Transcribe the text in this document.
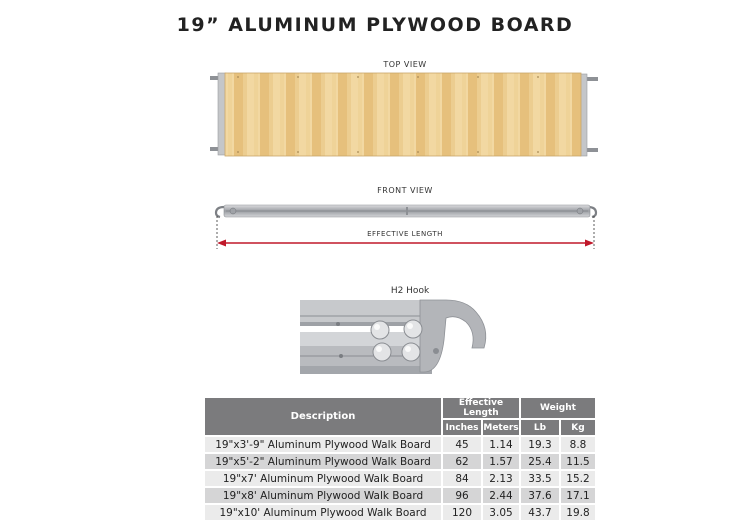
19” ALUMINUM PLYWOOD BOARD
TOP VIEW
FRONT VIEW
EFFECTIVE LENGTH
H2 Hook
Description	Effective Length		Weight	
	Inches	Meters	Lb	Kg
19"x3'-9" Aluminum Plywood Walk Board	45	1.14	19.3	8.8
19"x5'-2" Aluminum Plywood Walk Board	62	1.57	25.4	11.5
19"x7' Aluminum Plywood Walk Board	84	2.13	33.5	15.2
19"x8' Aluminum Plywood Walk Board	96	2.44	37.6	17.1
19"x10' Aluminum Plywood Walk Board	120	3.05	43.7	19.8
